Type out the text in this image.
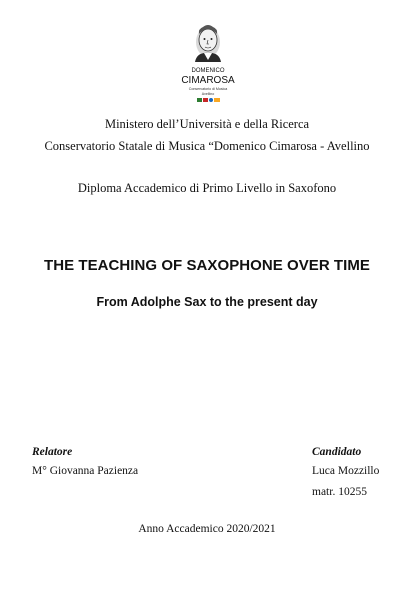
DOMENICO
CIMAROSA
Conservatorio di Musica
Avellino
Ministero dell’Università e della Ricerca
Conservatorio Statale di Musica “Domenico Cimarosa - Avellino
Diploma Accademico di Primo Livello in Saxofono
THE TEACHING OF SAXOPHONE OVER TIME
From Adolphe Sax to the present day
Relatore
M° Giovanna Pazienza
Candidato
Luca Mozzillo
matr. 10255
Anno Accademico 2020/2021
